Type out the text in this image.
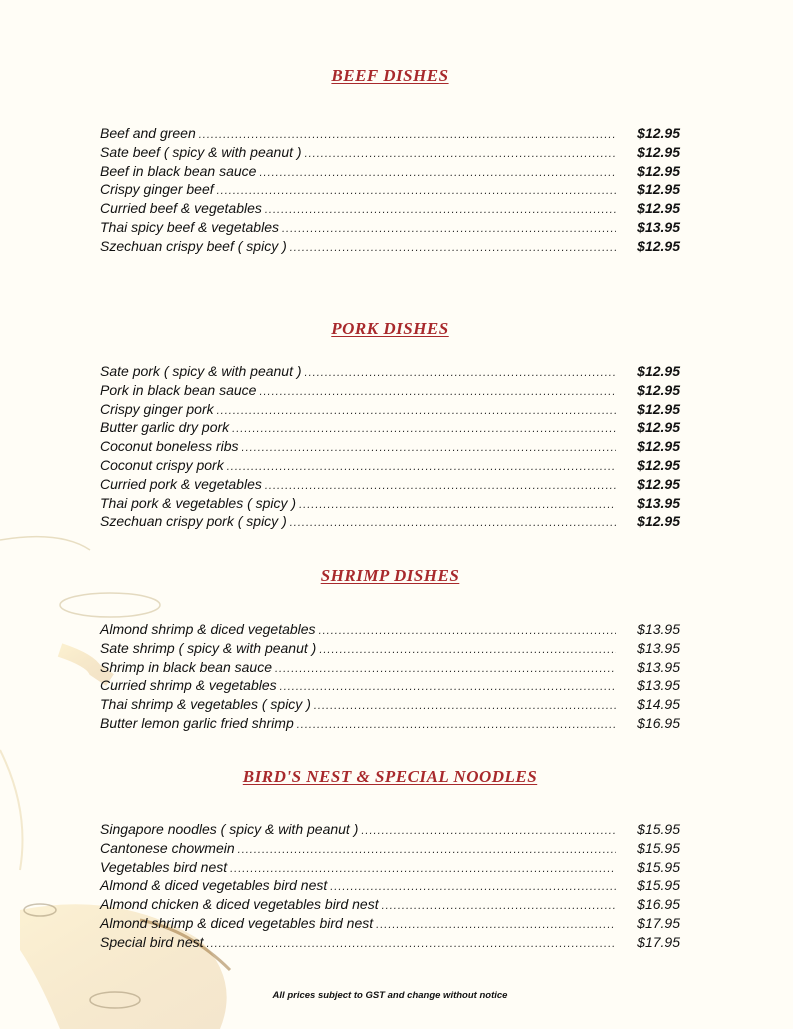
BEEF DISHES
Beef and green .....	$12.95
Sate beef ( spicy & with peanut ) .....	$12.95
Beef in black bean sauce .....	$12.95
Crispy ginger beef .....	$12.95
Curried beef & vegetables .....	$12.95
Thai spicy beef & vegetables .....	$13.95
Szechuan crispy beef ( spicy ) .....	$12.95
PORK DISHES
Sate pork ( spicy & with peanut ) .....	$12.95
Pork in black bean sauce .....	$12.95
Crispy ginger pork .....	$12.95
Butter garlic dry pork .....	$12.95
Coconut boneless ribs .....	$12.95
Coconut crispy pork .....	$12.95
Curried pork & vegetables .....	$12.95
Thai pork & vegetables ( spicy ) .....	$13.95
Szechuan crispy pork ( spicy ) .....	$12.95
SHRIMP DISHES
Almond shrimp & diced vegetables .....	$13.95
Sate shrimp ( spicy & with peanut ) .....	$13.95
Shrimp in black bean sauce .....	$13.95
Curried shrimp & vegetables .....	$13.95
Thai shrimp & vegetables ( spicy ) .....	$14.95
Butter lemon garlic fried shrimp .....	$16.95
BIRD'S NEST & SPECIAL NOODLES
Singapore noodles ( spicy & with peanut ) .....	$15.95
Cantonese chowmein .....	$15.95
Vegetables bird nest .....	$15.95
Almond & diced vegetables bird nest .....	$15.95
Almond chicken & diced vegetables bird nest .....	$16.95
Almond shrimp & diced vegetables bird nest .....	$17.95
Special bird nest .....	$17.95
All prices subject to GST and change without notice
